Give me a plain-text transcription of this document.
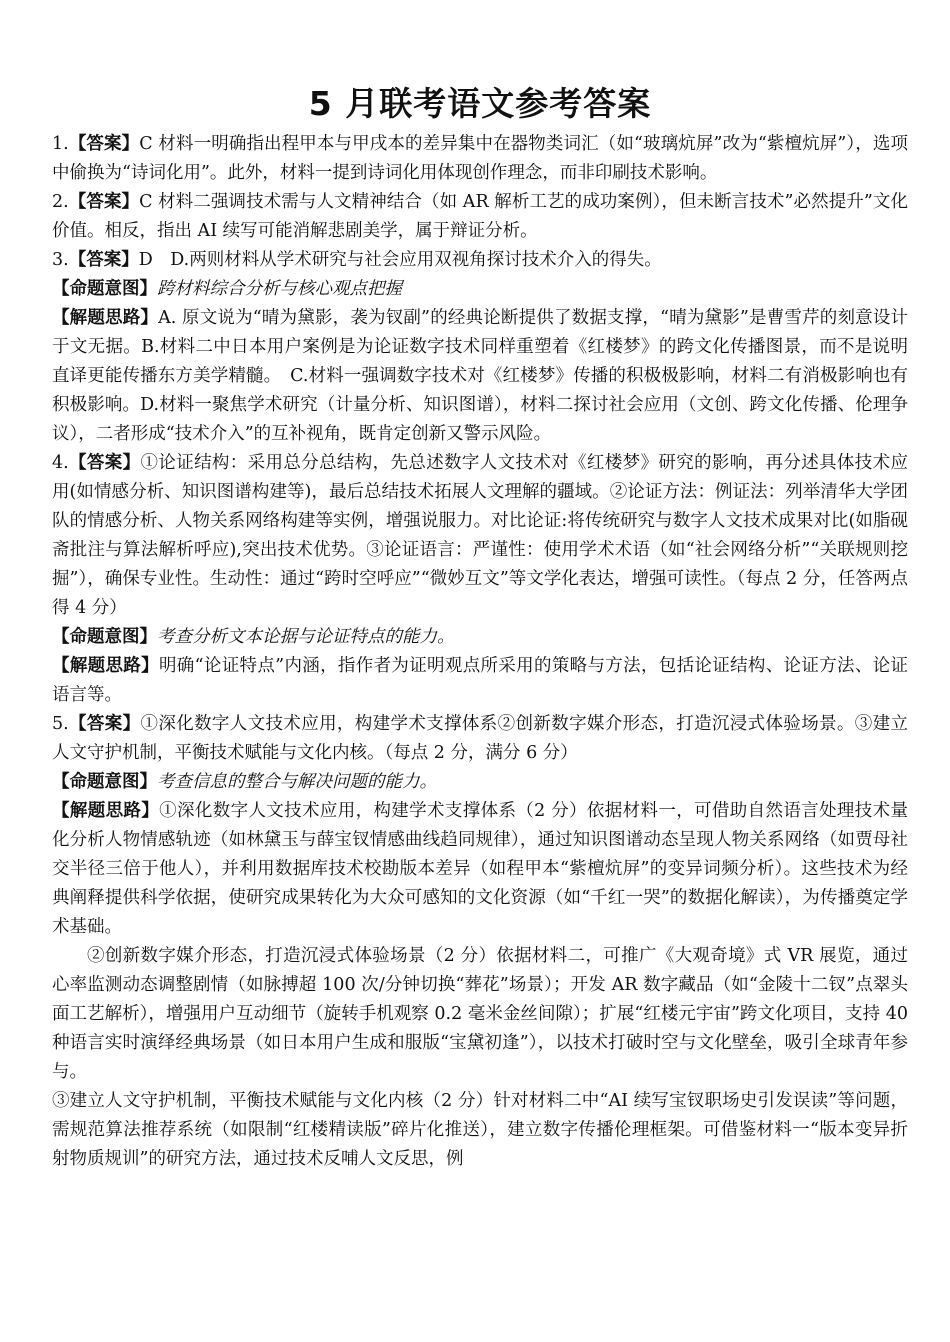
5 月联考语文参考答案

1.【答案】C 材料一明确指出程甲本与甲戌本的差异集中在器物类词汇（如“玻璃炕屏”改为“紫檀炕屏”），选项中偷换为“诗词化用”。此外，材料一提到诗词化用体现创作理念，而非印刷技术影响。

2.【答案】C 材料二强调技术需与人文精神结合（如 AR 解析工艺的成功案例），但未断言技术”必然提升”文化价值。相反，指出 AI 续写可能消解悲剧美学，属于辩证分析。

3.【答案】D　D.两则材料从学术研究与社会应用双视角探讨技术介入的得失。

【命题意图】跨材料综合分析与核心观点把握

【解题思路】A. 原文说为“晴为黛影，袭为钗副”的经典论断提供了数据支撑，“晴为黛影”是曹雪芹的刻意设计于文无据。B.材料二中日本用户案例是为论证数字技术同样重塑着《红楼梦》的跨文化传播图景，而不是说明直译更能传播东方美学精髓。　C.材料一强调数字技术对《红楼梦》传播的积极极影响，材料二有消极影响也有积极影响。D.材料一聚焦学术研究（计量分析、知识图谱），材料二探讨社会应用（文创、跨文化传播、伦理争议），二者形成“技术介入”的互补视角，既肯定创新又警示风险。

4.【答案】①论证结构：采用总分总结构，先总述数字人文技术对《红楼梦》研究的影响，再分述具体技术应用(如情感分析、知识图谱构建等)，最后总结技术拓展人文理解的疆域。②论证方法：例证法：列举清华大学团队的情感分析、人物关系网络构建等实例，增强说服力。对比论证:将传统研究与数字人文技术成果对比(如脂砚斋批注与算法解析呼应),突出技术优势。③论证语言：严谨性：使用学术术语（如“社会网络分析”“关联规则挖掘”），确保专业性。生动性：通过“跨时空呼应”“微妙互文”等文学化表达，增强可读性。（每点 2 分，任答两点得 4 分）

【命题意图】考查分析文本论据与论证特点的能力。

【解题思路】明确“论证特点”内涵，指作者为证明观点所采用的策略与方法，包括论证结构、论证方法、论证语言等。

5.【答案】①深化数字人文技术应用，构建学术支撑体系②创新数字媒介形态，打造沉浸式体验场景。③建立人文守护机制，平衡技术赋能与文化内核。（每点 2 分，满分 6 分）

【命题意图】考查信息的整合与解决问题的能力。

【解题思路】①深化数字人文技术应用，构建学术支撑体系（2 分）依据材料一，可借助自然语言处理技术量化分析人物情感轨迹（如林黛玉与薛宝钗情感曲线趋同规律），通过知识图谱动态呈现人物关系网络（如贾母社交半径三倍于他人），并利用数据库技术校勘版本差异（如程甲本“紫檀炕屏”的变异词频分析）。这些技术为经典阐释提供科学依据，使研究成果转化为大众可感知的文化资源（如“千红一哭”的数据化解读），为传播奠定学术基础。

②创新数字媒介形态，打造沉浸式体验场景（2 分）依据材料二，可推广《大观奇境》式 VR 展览，通过心率监测动态调整剧情（如脉搏超 100 次/分钟切换“葬花”场景）；开发 AR 数字藏品（如“金陵十二钗”点翠头面工艺解析），增强用户互动细节（旋转手机观察 0.2 毫米金丝间隙）；扩展“红楼元宇宙”跨文化项目，支持 40 种语言实时演绎经典场景（如日本用户生成和服版“宝黛初逢”），以技术打破时空与文化壁垒，吸引全球青年参与。

③建立人文守护机制，平衡技术赋能与文化内核（2 分）针对材料二中“AI 续写宝钗职场史引发误读”等问题，需规范算法推荐系统（如限制“红楼精读版”碎片化推送），建立数字传播伦理框架。可借鉴材料一“版本变异折射物质规训”的研究方法，通过技术反哺人文反思，例
